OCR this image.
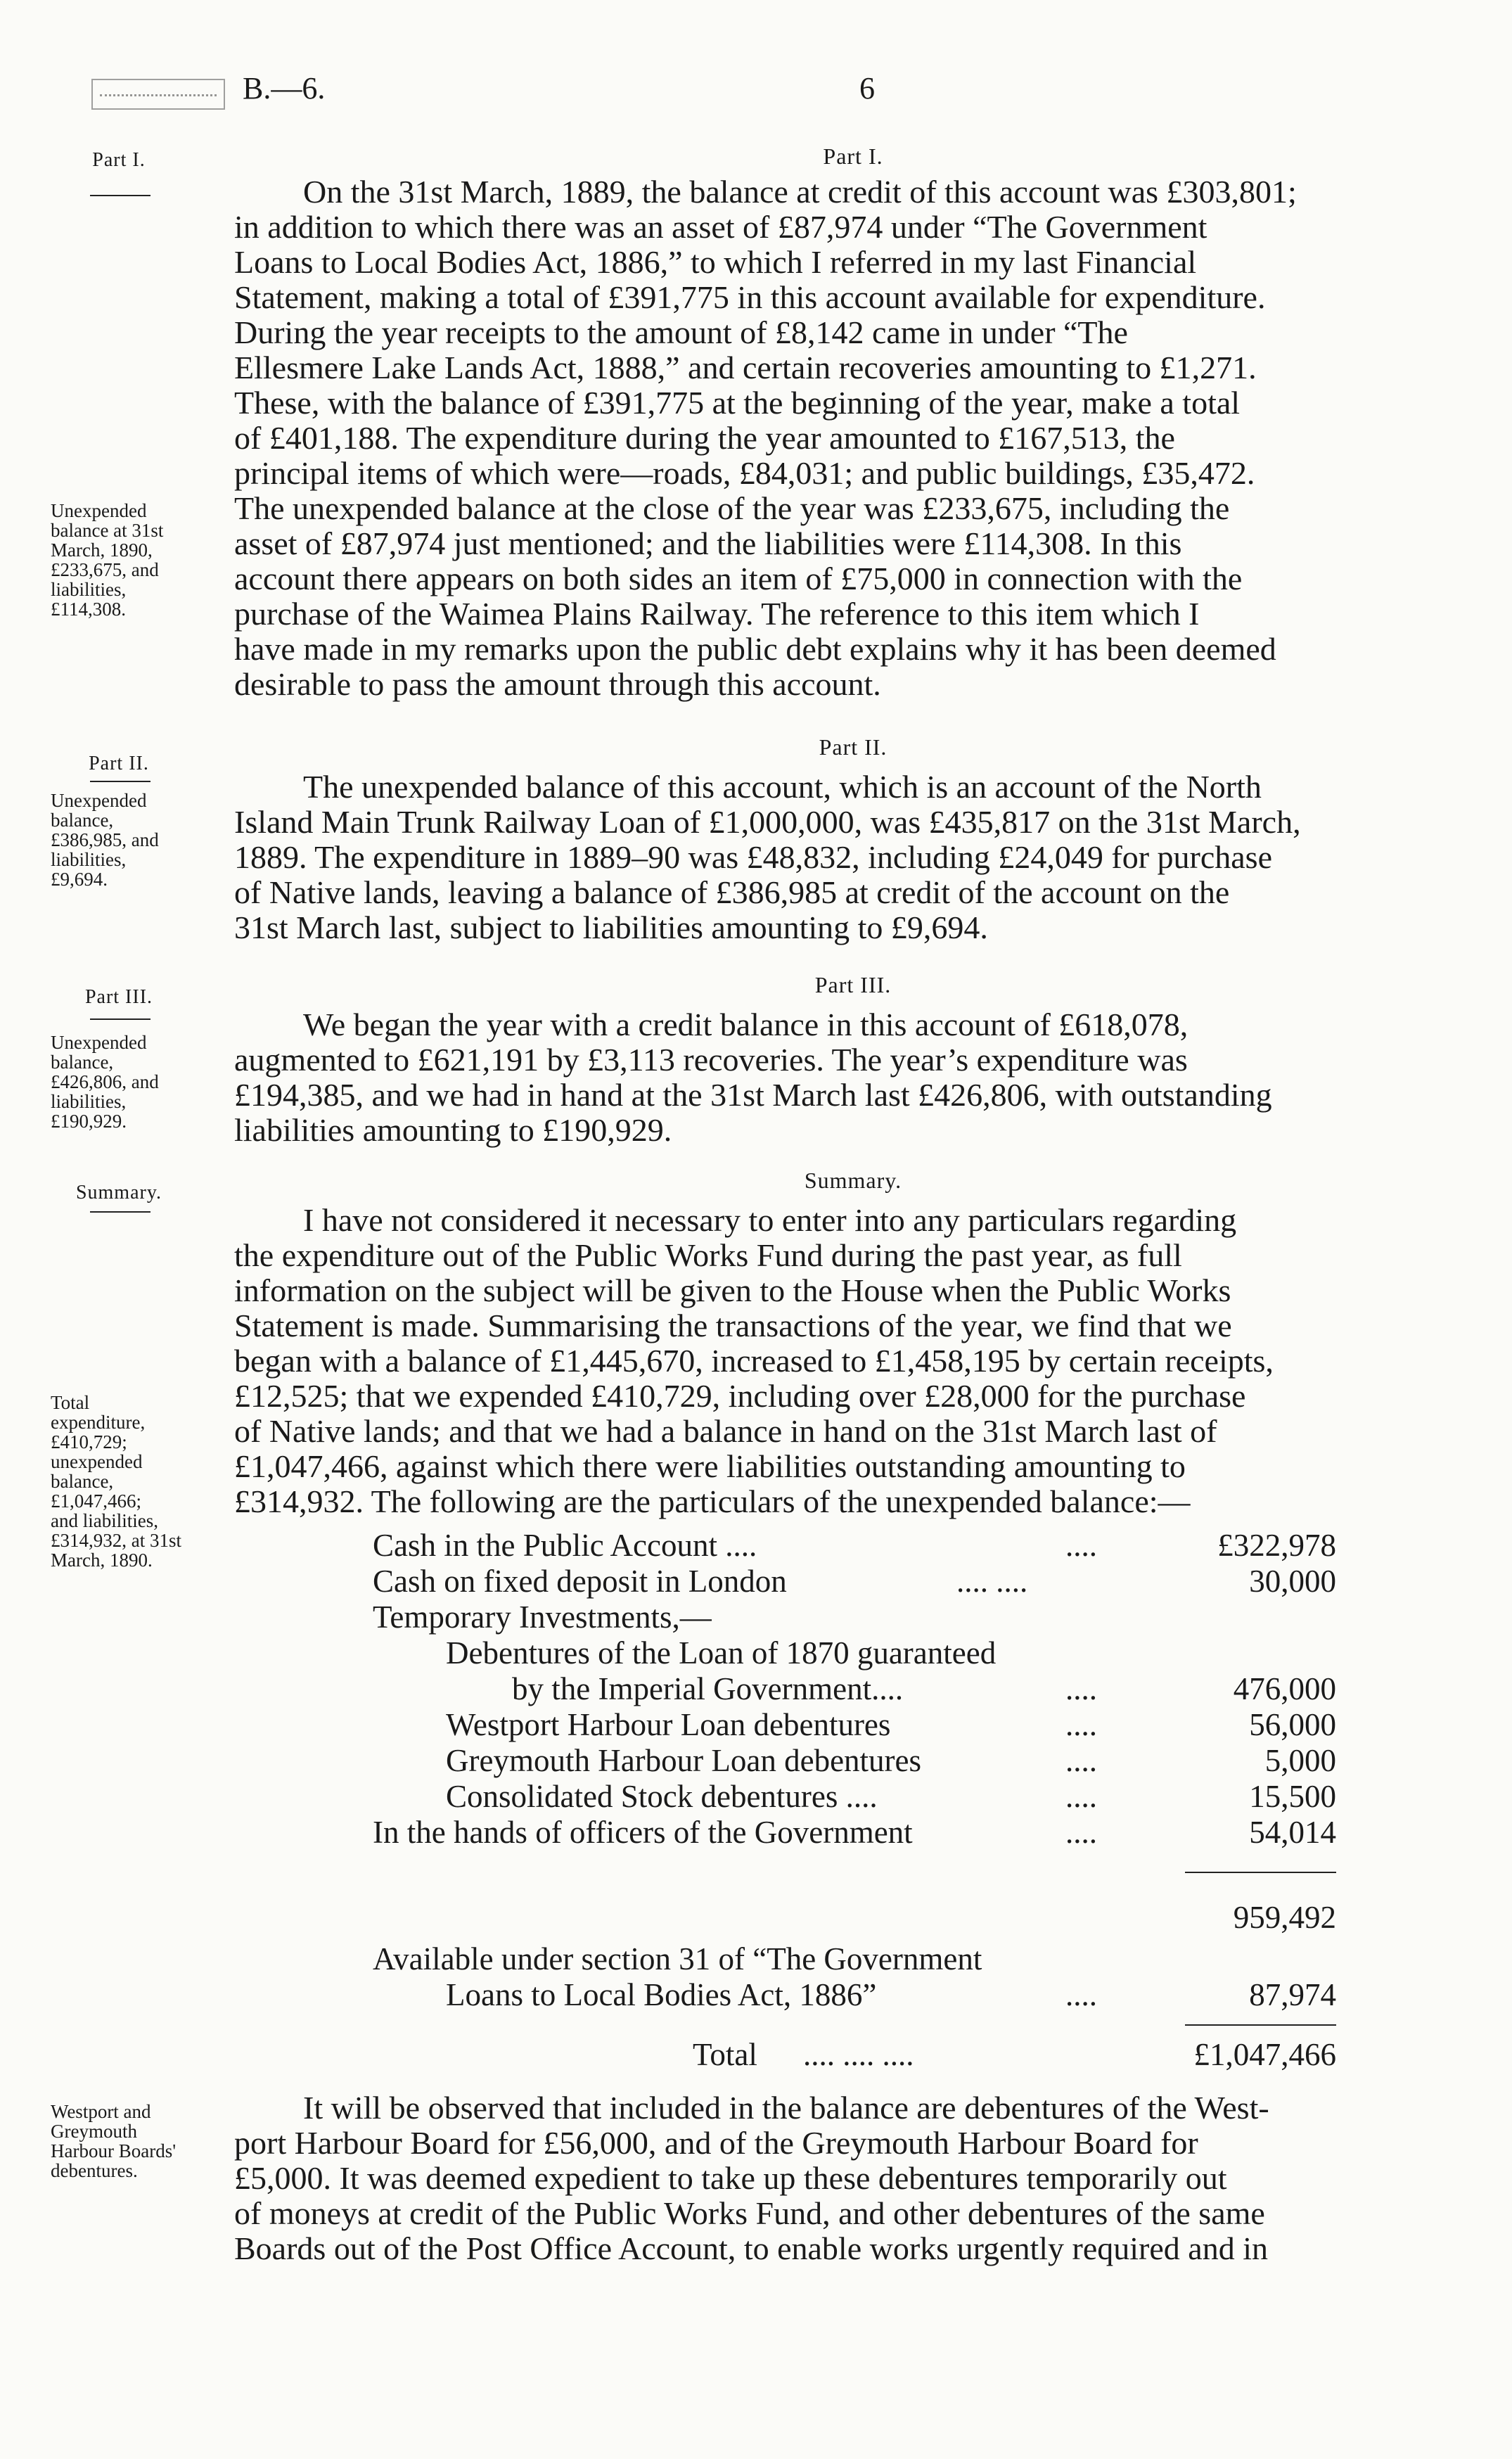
B.—6.	6
Part I.
Unexpended
balance at 31st
March, 1890,
£233,675, and
liabilities,
£114,308.
Part II.
Unexpended
balance,
£386,985, and
liabilities,
£9,694.
Part III.
Unexpended
balance,
£426,806, and
liabilities,
£190,929.
Summary.
Total
expenditure,
£410,729;
unexpended
balance,
£1,047,466;
and liabilities,
£314,932, at 31st
March, 1890.
Westport and
Greymouth
Harbour Boards'
debentures.
Part I.

On the 31st March, 1889, the balance at credit of this account was £303,801;
in addition to which there was an asset of £87,974 under “The Government
Loans to Local Bodies Act, 1886,” to which I referred in my last Financial
Statement, making a total of £391,775 in this account available for expenditure.
During the year receipts to the amount of £8,142 came in under “The
Ellesmere Lake Lands Act, 1888,” and certain recoveries amounting to £1,271.
These, with the balance of £391,775 at the beginning of the year, make a total
of £401,188. The expenditure during the year amounted to £167,513, the
principal items of which were—roads, £84,031; and public buildings, £35,472.
The unexpended balance at the close of the year was £233,675, including the
asset of £87,974 just mentioned; and the liabilities were £114,308. In this
account there appears on both sides an item of £75,000 in connection with the
purchase of the Waimea Plains Railway. The reference to this item which I
have made in my remarks upon the public debt explains why it has been deemed
desirable to pass the amount through this account.

Part II.

The unexpended balance of this account, which is an account of the North
Island Main Trunk Railway Loan of £1,000,000, was £435,817 on the 31st March,
1889. The expenditure in 1889–90 was £48,832, including £24,049 for purchase
of Native lands, leaving a balance of £386,985 at credit of the account on the
31st March last, subject to liabilities amounting to £9,694.

Part III.

We began the year with a credit balance in this account of £618,078,
augmented to £621,191 by £3,113 recoveries. The year’s expenditure was
£194,385, and we had in hand at the 31st March last £426,806, with outstanding
liabilities amounting to £190,929.

Summary.

I have not considered it necessary to enter into any particulars regarding
the expenditure out of the Public Works Fund during the past year, as full
information on the subject will be given to the House when the Public Works
Statement is made. Summarising the transactions of the year, we find that we
began with a balance of £1,445,670, increased to £1,458,195 by certain receipts,
£12,525; that we expended £410,729, including over £28,000 for the purchase
of Native lands; and that we had a balance in hand on the 31st March last of
£1,047,466, against which there were liabilities outstanding amounting to
£314,932. The following are the particulars of the unexpended balance:—

Cash in the Public Account ....	....	£322,978
Cash on fixed deposit in London	.... ....	30,000
Temporary Investments,—
Debentures of the Loan of 1870 guaranteed
by the Imperial Government....	....	476,000
Westport Harbour Loan debentures	....	56,000
Greymouth Harbour Loan debentures	....	5,000
Consolidated Stock debentures ....	....	15,500
In the hands of officers of the Government	....	54,014
959,492
Available under section 31 of “The Government
Loans to Local Bodies Act, 1886”	....	87,974
Total .... .... ....	£1,047,466

It will be observed that included in the balance are debentures of the West-
port Harbour Board for £56,000, and of the Greymouth Harbour Board for
£5,000. It was deemed expedient to take up these debentures temporarily out
of moneys at credit of the Public Works Fund, and other debentures of the same
Boards out of the Post Office Account, to enable works urgently required and in
